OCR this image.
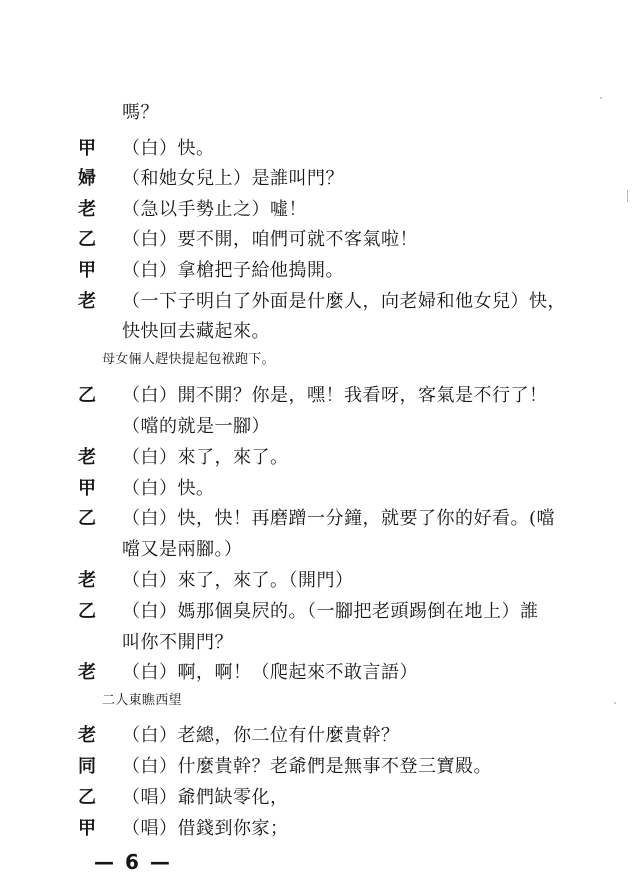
嗎？
甲	（白）快。
婦	（和她女兒上）是誰叫門？
老	（急以手勢止之）噓！
乙	（白）要不開，咱們可就不客氣啦！
甲	（白）拿槍把子給他搗開。
老	（一下子明白了外面是什麼人，向老婦和他女兒）快，
快快回去藏起來。
母女倆人趕快提起包袱跑下。
乙	（白）開不開？你是，嘿！我看呀，客氣是不行了！
（噹的就是一腳）
老	（白）來了，來了。
甲	（白）快。
乙	（白）快，快！再磨蹭一分鐘，就要了你的好看。(噹
噹又是兩腳。）
老	（白）來了，來了。（開門）
乙	（白）媽那個臭屄的。（一腳把老頭踢倒在地上）誰
叫你不開門？
老	（白）啊，啊！（爬起來不敢言語）
二人東瞧西望
老	（白）老總，你二位有什麼貴幹？
同	（白）什麼貴幹？老爺們是無事不登三寶殿。
乙	（唱）爺們缺零化，
甲	（唱）借錢到你家；
— 6 —
